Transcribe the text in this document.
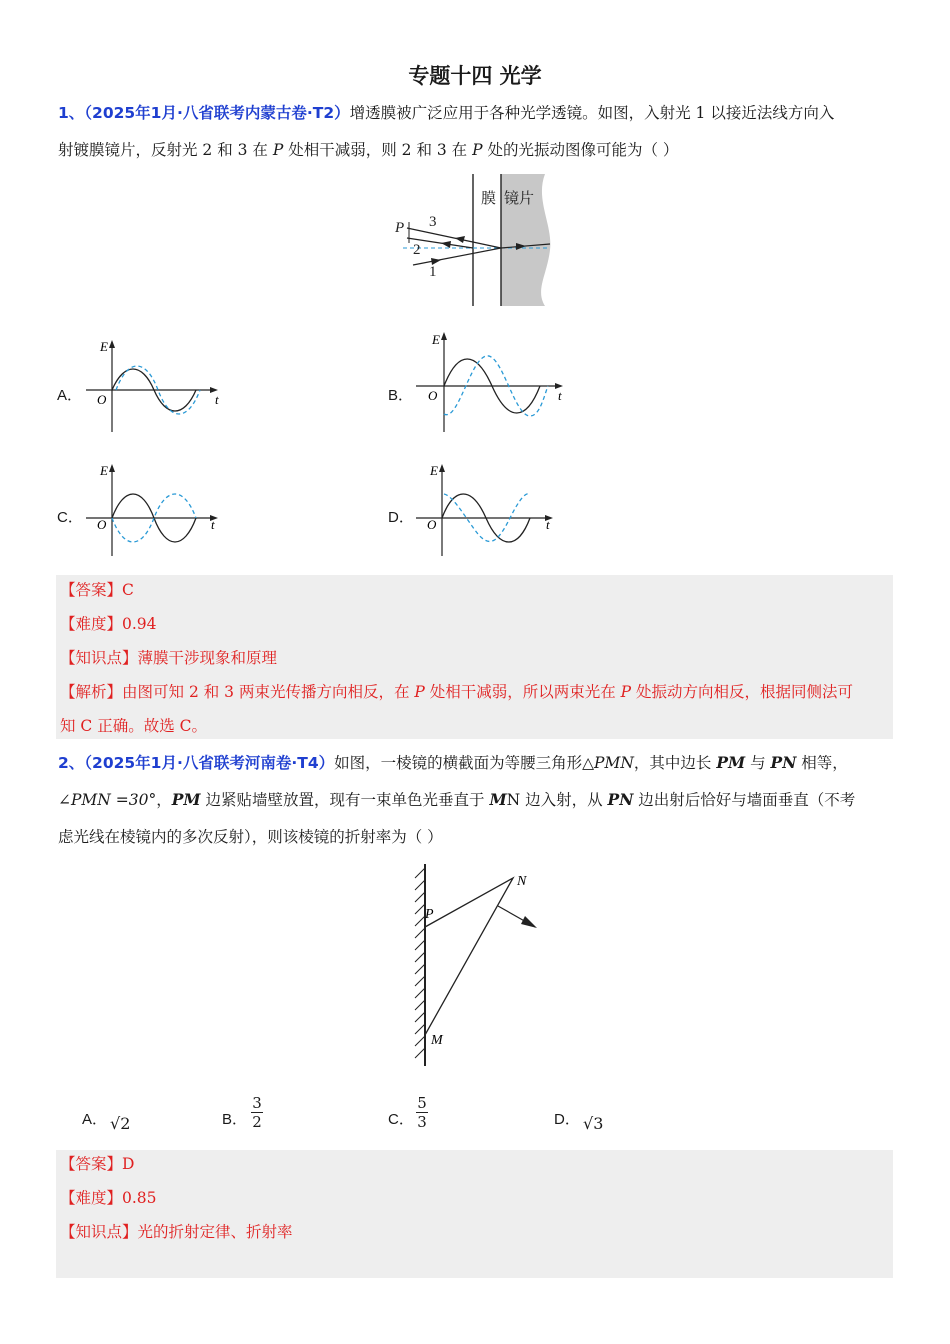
专题十四 光学
1、（2025年1月·八省联考内蒙古卷·T2）增透膜被广泛应用于各种光学透镜。如图，入射光 1 以接近法线方向入
射镀膜镜片，反射光 2 和 3 在 P 处相干减弱，则 2 和 3 在 P 处的光振动图像可能为（ ）
膜 镜片
P 3
2
1
A．
E
t
O	B．
E
t
O
C．
E
t
O	D．
E
t
O
【答案】C
【难度】0.94
【知识点】薄膜干涉现象和原理
【解析】由图可知 2 和 3 两束光传播方向相反，在 P 处相干减弱，所以两束光在 P 处振动方向相反，根据同侧法可
知 C 正确。故选 C。
2、（2025年1月·八省联考河南卷·T4）如图，一棱镜的横截面为等腰三角形△PMN，其中边长 PM 与 PN 相等，
∠PMN =30°，PM 边紧贴墙壁放置，现有一束单色光垂直于 MN 边入射，从 PN 边出射后恰好与墙面垂直（不考
虑光线在棱镜内的多次反射），则该棱镜的折射率为（ ）
P
N
M
A． √2	B． $\frac{3}{2}$	C． $\frac{5}{3}$	D． √3
【答案】D
【难度】0.85
【知识点】光的折射定律、折射率
